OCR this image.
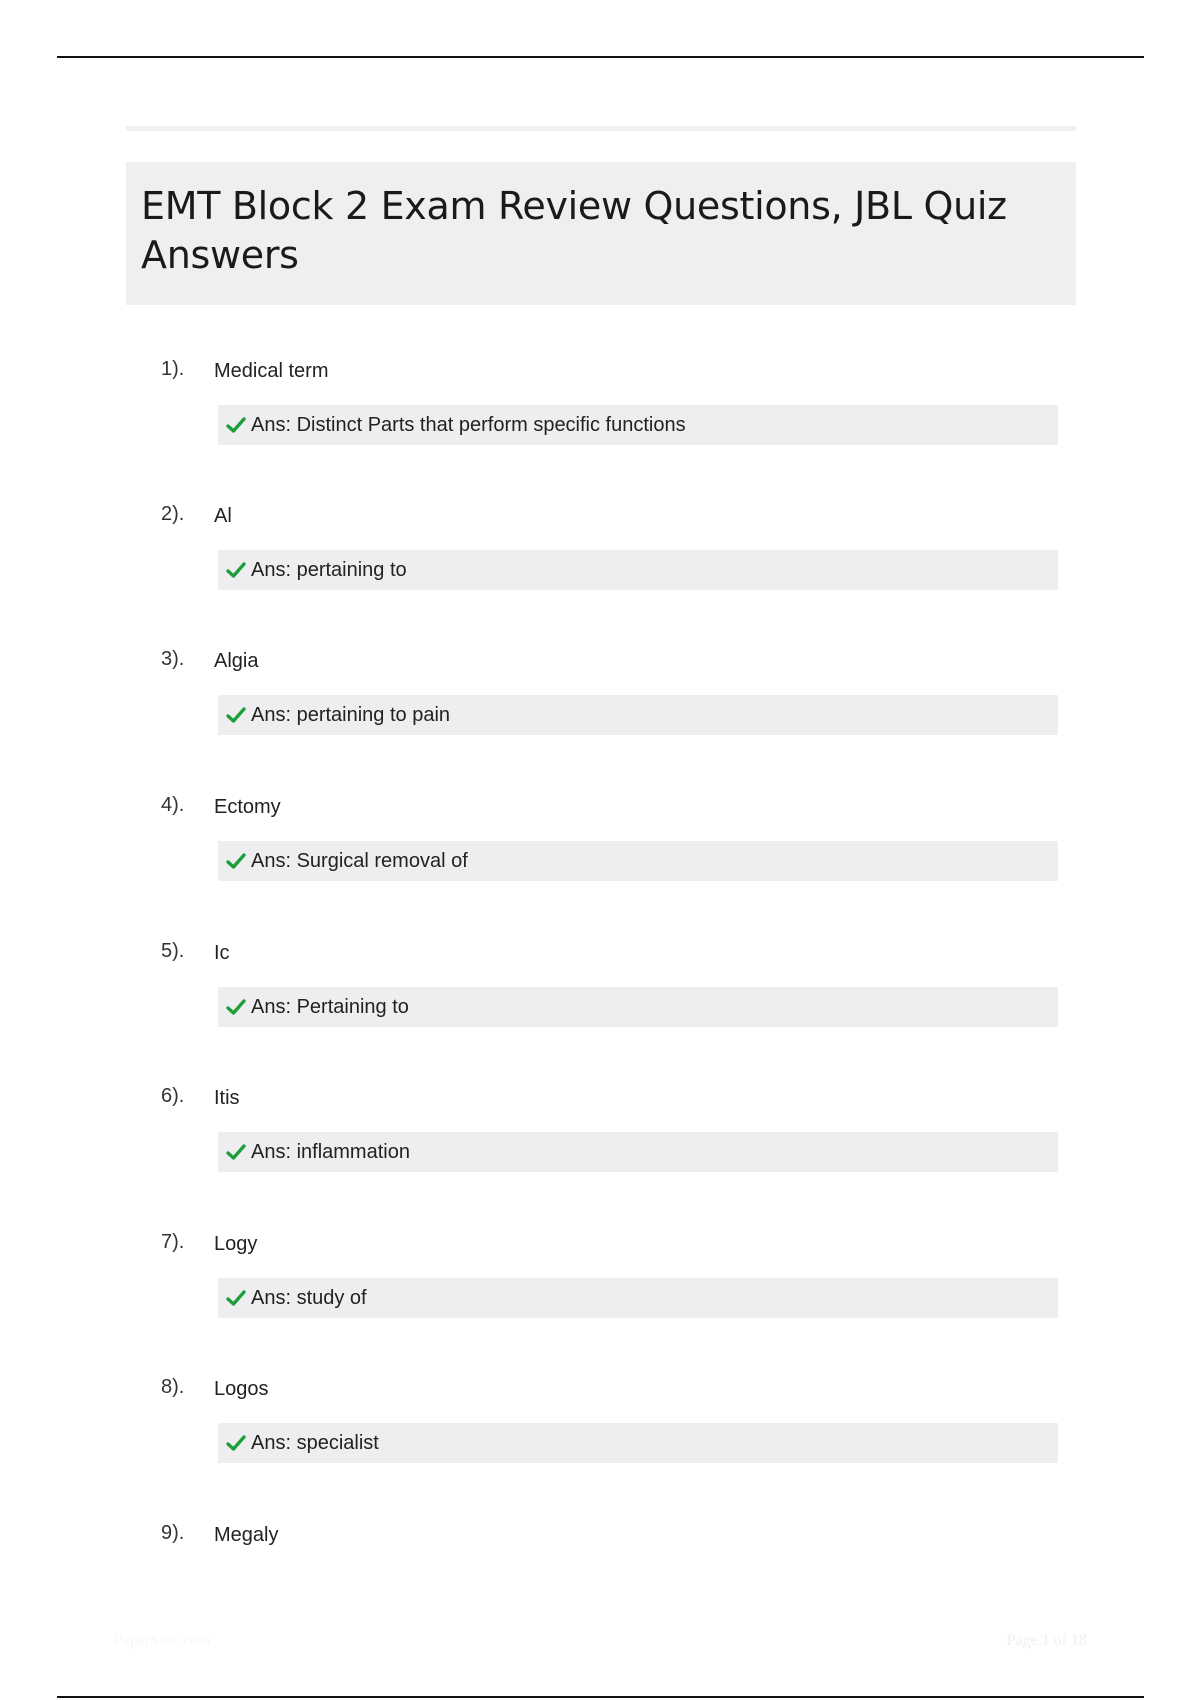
EMT Block 2 Exam Review Questions, JBL Quiz Answers
1). Medical term
Ans: Distinct Parts that perform specific functions
2). Al
Ans: pertaining to
3). Algia
Ans: pertaining to pain
4). Ectomy
Ans: Surgical removal of
5). Ic
Ans: Pertaining to
6). Itis
Ans: inflammation
7). Logy
Ans: study of
8). Logos
Ans: specialist
9). Megaly
PaperStoc.com	Page 1 of 18
